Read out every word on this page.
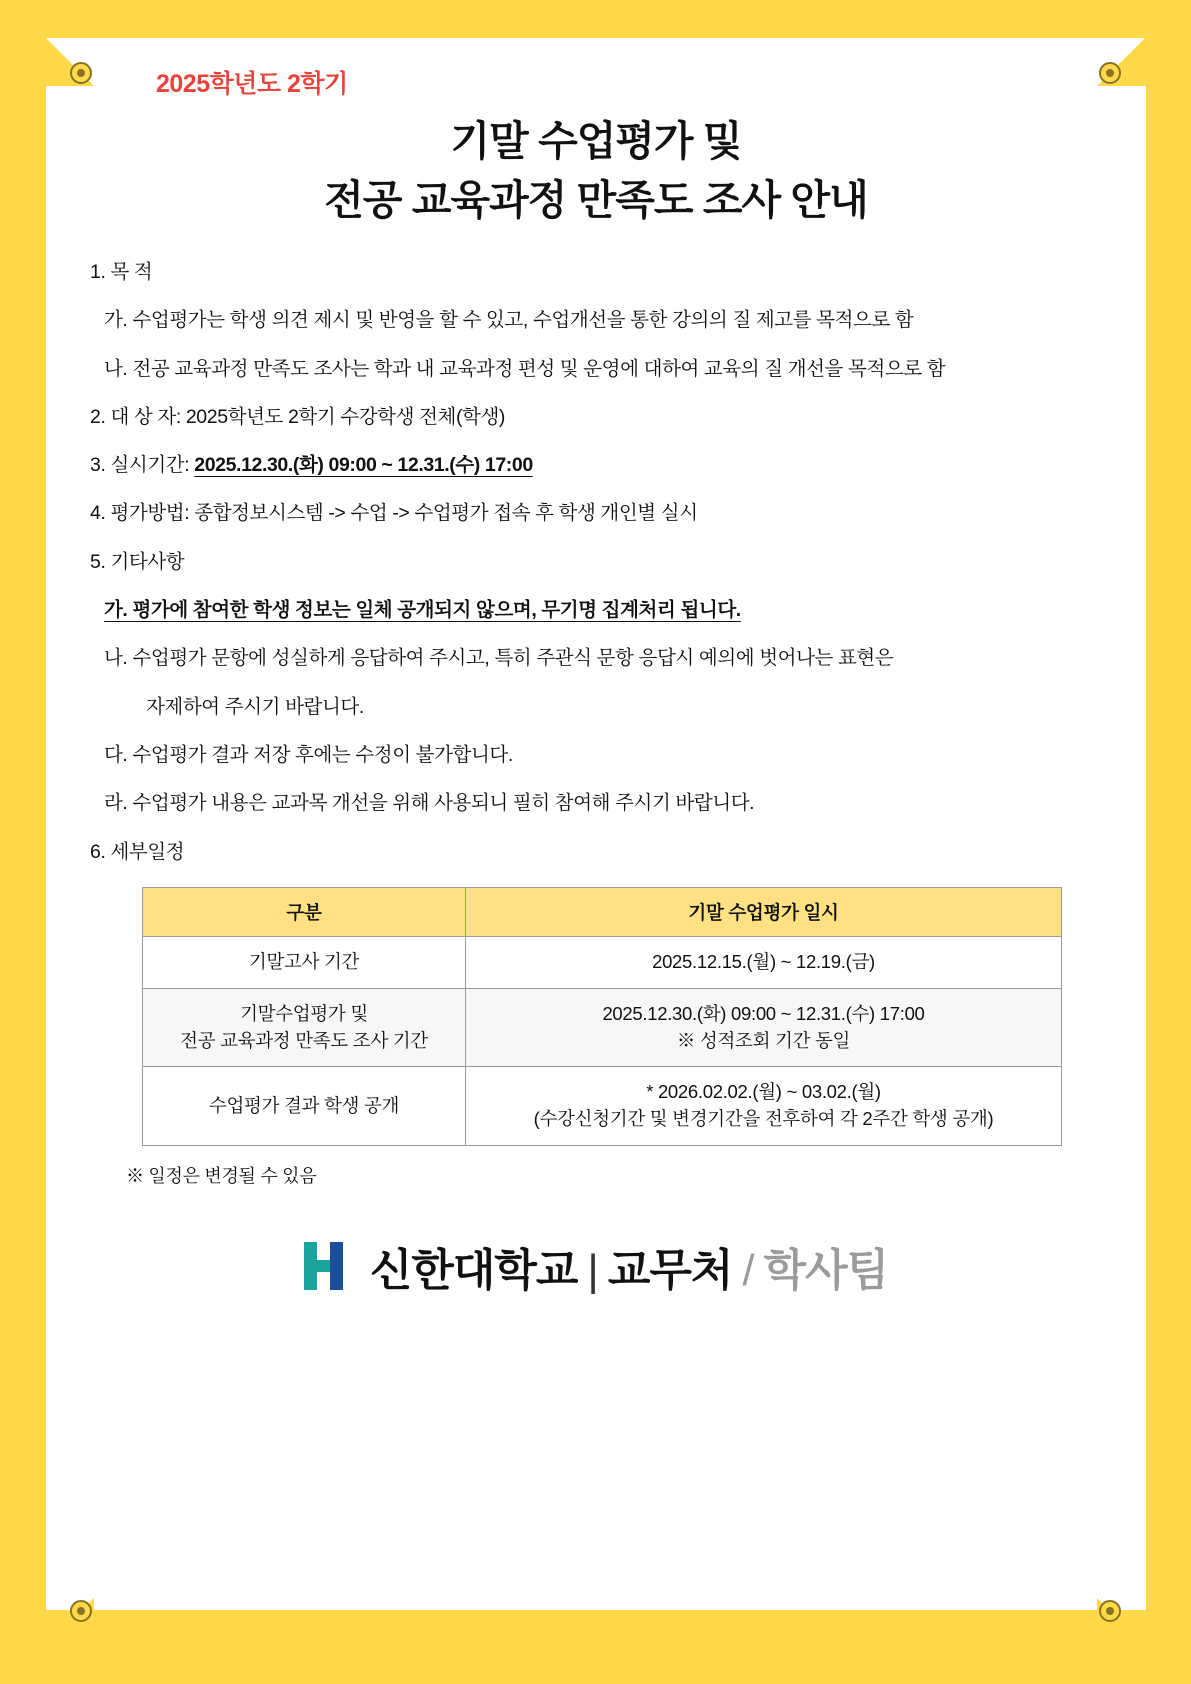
2025학년도 2학기
기말 수업평가 및
전공 교육과정 만족도 조사 안내

1. 목 적

가. 수업평가는 학생 의견 제시 및 반영을 할 수 있고, 수업개선을 통한 강의의 질 제고를 목적으로 함

나. 전공 교육과정 만족도 조사는 학과 내 교육과정 편성 및 운영에 대하여 교육의 질 개선을 목적으로 함

2. 대 상 자: 2025학년도 2학기 수강학생 전체(학생)

3. 실시기간: 2025.12.30.(화) 09:00 ~ 12.31.(수) 17:00

4. 평가방법: 종합정보시스템 -> 수업 -> 수업평가 접속 후 학생 개인별 실시

5. 기타사항

가. 평가에 참여한 학생 정보는 일체 공개되지 않으며, 무기명 집계처리 됩니다.

나. 수업평가 문항에 성실하게 응답하여 주시고, 특히 주관식 문항 응답시 예의에 벗어나는 표현은

자제하여 주시기 바랍니다.

다. 수업평가 결과 저장 후에는 수정이 불가합니다.

라. 수업평가 내용은 교과목 개선을 위해 사용되니 필히 참여해 주시기 바랍니다.

6. 세부일정

구분	기말 수업평가 일시
기말고사 기간	2025.12.15.(월) ~ 12.19.(금)
기말수업평가 및
전공 교육과정 만족도 조사 기간	2025.12.30.(화) 09:00 ~ 12.31.(수) 17:00
※ 성적조회 기간 동일
수업평가 결과 학생 공개	* 2026.02.02.(월) ~ 03.02.(월)
(수강신청기간 및 변경기간을 전후하여 각 2주간 학생 공개)
※ 일정은 변경될 수 있음
신한대학교 | 교무처 / 학사팀
